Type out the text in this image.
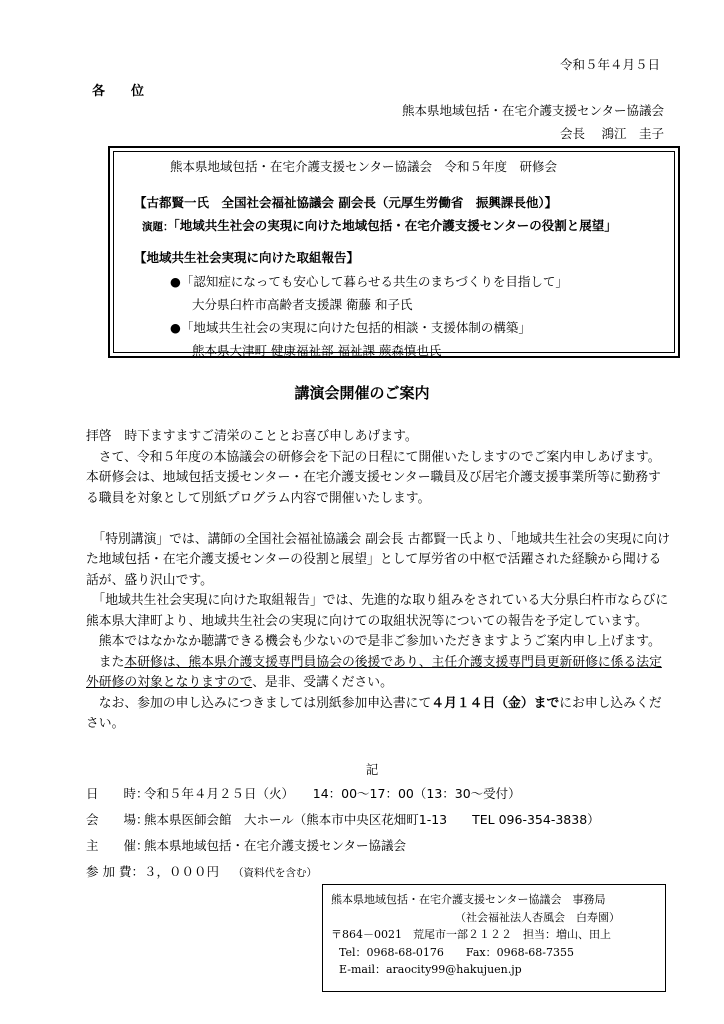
令和５年４月５日
各位
熊本県地域包括・在宅介護支援センター協議会
会長　 鴻江　圭子
熊本県地域包括・在宅介護支援センター協議会　令和５年度　研修会
【古都賢一氏　全国社会福祉協議会 副会長（元厚生労働省　振興課長他）】
演題：「地域共生社会の実現に向けた地域包括・在宅介護支援センターの役割と展望」
【地域共生社会実現に向けた取組報告】
●「認知症になっても安心して暮らせる共生のまちづくりを目指して」
大分県臼杵市高齢者支援課 衛藤 和子氏
●「地域共生社会の実現に向けた包括的相談・支援体制の構築」
熊本県大津町 健康福祉部 福祉課 蕨森慎也氏
講演会開催のご案内

拝啓　時下ますますご清栄のこととお喜び申しあげます。

　さて、令和５年度の本協議会の研修会を下記の日程にて開催いたしますのでご案内申しあげます。本研修会は、地域包括支援センター・在宅介護支援センター職員及び居宅介護支援事業所等に勤務する職員を対象として別紙プログラム内容で開催いたします。

　「特別講演」では、講師の全国社会福祉協議会 副会長 古都賢一氏より、「地域共生社会の実現に向けた地域包括・在宅介護支援センターの役割と展望」として厚労省の中枢で活躍された経験から聞ける話が、盛り沢山です。

　「地域共生社会実現に向けた取組報告」では、先進的な取り組みをされている大分県臼杵市ならびに熊本県大津町より、地域共生社会の実現に向けての取組状況等についての報告を予定しています。

　熊本ではなかなか聴講できる機会も少ないので是非ご参加いただきますようご案内申し上げます。

　また本研修は、熊本県介護支援専門員協会の後援であり、主任介護支援専門員更新研修に係る法定外研修の対象となりますので、是非、受講ください。

　なお、参加の申し込みにつきましては別紙参加申込書にて４月１４日（金）までにお申し込みください。

記
日　　時：令和５年４月２５日（火）　　14：00～17：00（13：30～受付）
会　　場：熊本県医師会館　大ホール（熊本市中央区花畑町1-13　　TEL 096-354-3838）
主　　催：熊本県地域包括・在宅介護支援センター協議会
参 加 費：３，０００円 （資料代を含む）
熊本県地域包括・在宅介護支援センター協議会　事務局
（社会福祉法人杏風会　白寿園）
〒864－0021　荒尾市一部２１２２　担当：増山、田上
Tel：0968-68-0176　　Fax：0968-68-7355
E-mail：araocity99@hakujuen.jp
